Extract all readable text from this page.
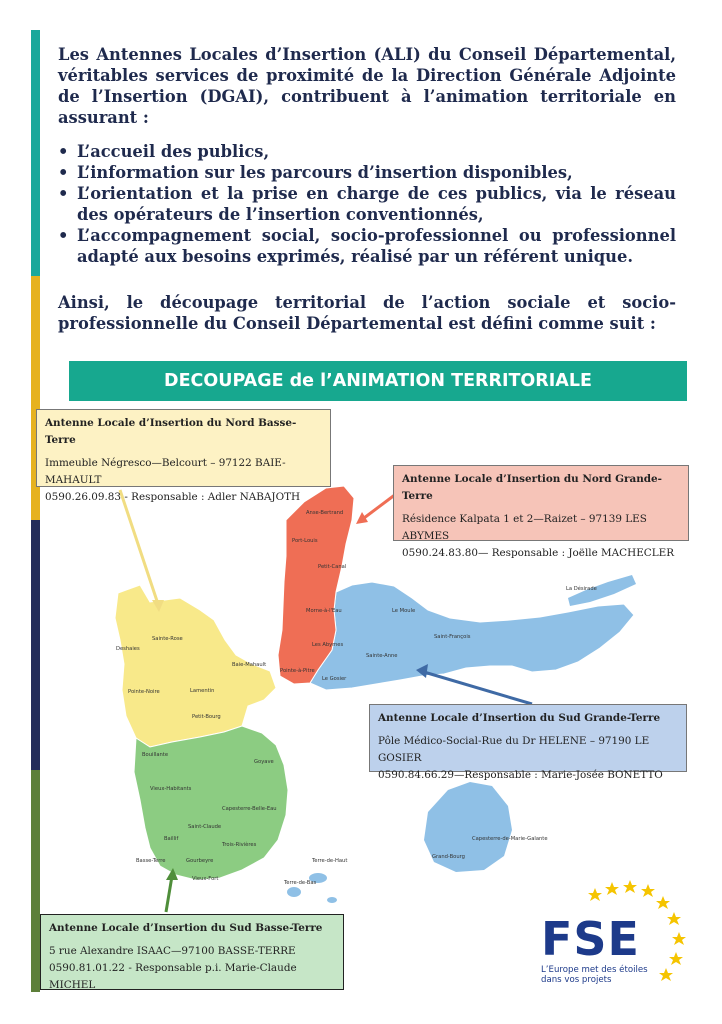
Les Antennes Locales d’Insertion (ALI) du Conseil Départemental, véritables services de proximité de la Direction Générale Adjointe de l’Insertion (DGAI), contribuent à l’animation territoriale en assurant :

• L’accueil des publics,
• L’information sur les parcours d’insertion disponibles,
• L’orientation et la prise en charge de ces publics, via le réseau des opérateurs de l’insertion conventionnés,
• L’accompagnement social, socio-professionnel ou professionnel adapté aux besoins exprimés, réalisé par un référent unique.
Ainsi, le découpage territorial de l’action sociale et socio-professionnelle du Conseil Départemental est défini comme suit :
DECOUPAGE de l’ANIMATION TERRITORIALE
Anse-Bertrand
Port-Louis
Petit-Canal
Morne-à-l'Eau
Les Abymes
Pointe-à-Pitre
Le Moule
La Désirade
Saint-François
Sainte-Anne
Le Gosier
Deshaies
Sainte-Rose
Baie-Mahault
Lamentin
Pointe-Noire
Petit-Bourg
Bouillante
Goyave
Vieux-Habitants
Capesterre-Belle-Eau
Saint-Claude
Baillif
Trois-Rivières
Basse-Terre	Gourbeyre
Vieux-Fort
Terre-de-Haut
Terre-de-Bas
Capesterre-de-Marie-Galante
Grand-Bourg
Antenne Locale d’Insertion du Nord Basse-Terre
Immeuble Négresco—Belcourt – 97122 BAIE-MAHAULT
0590.26.09.83 - Responsable : Adler NABAJOTH
Antenne Locale d’Insertion du Nord Grande-Terre
Résidence Kalpata 1 et 2—Raizet – 97139 LES ABYMES
0590.24.83.80— Responsable : Joëlle MACHECLER
Antenne Locale d’Insertion du Sud Grande-Terre
Pôle Médico-Social-Rue du Dr HELENE – 97190 LE GOSIER
0590.84.66.29—Responsable : Marie-Josée BONETTO
Antenne Locale d’Insertion du Sud Basse-Terre
5 rue Alexandre ISAAC—97100 BASSE-TERRE
0590.81.01.22 - Responsable p.i. Marie-Claude MICHEL
FSE
L’Europe met des étoiles
dans vos projets
